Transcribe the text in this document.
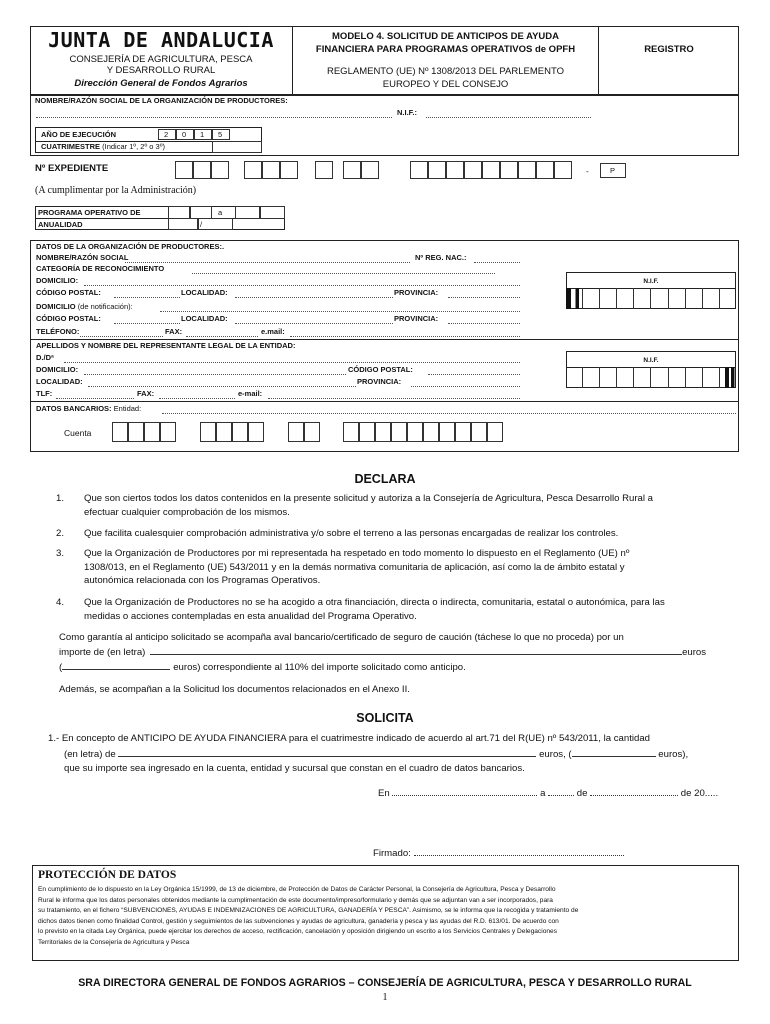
JUNTA DE ANDALUCIA
CONSEJERÍA DE AGRICULTURA, PESCA
Y DESARROLLO RURAL
Dirección General de Fondos Agrarios
MODELO 4. SOLICITUD DE ANTICIPOS DE AYUDA
FINANCIERA PARA PROGRAMAS OPERATIVOS de OPFH
REGLAMENTO (UE) Nº 1308/2013 DEL PARLEMENTO
EUROPEO Y DEL CONSEJO
REGISTRO
NOMBRE/RAZÓN SOCIAL DE LA ORGANIZACIÓN DE PRODUCTORES:
N.I.F.:
AÑO DE EJECUCIÓN	2 0 1 5
CUATRIMESTRE (Indicar 1º, 2º o 3º)
Nº EXPEDIENTE	-	P
(A cumplimentar por la Administración)
PROGRAMA OPERATIVO DE	a
ANUALIDAD	/
DATOS DE LA ORGANIZACIÓN DE PRODUCTORES:.
NOMBRE/RAZÓN SOCIAL	Nº REG. NAC.:
CATEGORÍA DE RECONOCIMIENTO
DOMICILIO:
CÓDIGO POSTAL:	LOCALIDAD:	PROVINCIA:
DOMICILIO (de notificación):
CÓDIGO POSTAL:	LOCALIDAD:	PROVINCIA:
TELÉFONO:	FAX:	e.mail:
N.I.F.
APELLIDOS Y NOMBRE DEL REPRESENTANTE LEGAL DE LA ENTIDAD:
D./Dª
DOMICILIO:	CÓDIGO POSTAL:
LOCALIDAD:	PROVINCIA:
TLF:	FAX:	e-mail:
N.I.F.
DATOS BANCARIOS: Entidad:
Cuenta
DECLARA
1. Que son ciertos todos los datos contenidos en la presente solicitud y autoriza a la Consejería de Agricultura, Pesca Desarrollo Rural a
efectuar cualquier comprobación de los mismos.
2. Que facilita cualesquier comprobación administrativa y/o sobre el terreno a las personas encargadas de realizar los controles.
3. Que la Organización de Productores por mi representada ha respetado en todo momento lo dispuesto en el Reglamento (UE) nº
1308/013, en el Reglamento (UE) 543/2011 y en la demás normativa comunitaria de aplicación, así como la de ámbito estatal y
autonómica relacionada con los Programas Operativos.
4. Que la Organización de Productores no se ha acogido a otra financiación, directa o indirecta, comunitaria, estatal o autonómica, para las
medidas o acciones contempladas en esta anualidad del Programa Operativo.
Como garantía al anticipo solicitado se acompaña aval bancario/certificado de seguro de caución (táchese lo que no proceda) por un
importe de (en letra)	euros
(	euros) correspondiente al 110% del importe solicitado como anticipo.
Además, se acompañan a la Solicitud los documentos relacionados en el Anexo II.
SOLICITA
1.- En concepto de ANTICIPO DE AYUDA FINANCIERA para el cuatrimestre indicado de acuerdo al art.71 del R(UE) nº 543/2011, la cantidad
(en letra) de	euros, (	euros),
que su importe sea ingresado en la cuenta, entidad y sucursal que constan en el cuadro de datos bancarios.
En	a	de	de 20.....
Firmado:
PROTECCIÓN DE DATOS
En cumplimiento de lo dispuesto en la Ley Orgánica 15/1999, de 13 de diciembre, de Protección de Datos de Carácter Personal, la Consejería de Agricultura, Pesca y Desarrollo
Rural le informa que los datos personales obtenidos mediante la cumplimentación de este documento/impreso/formulario y demás que se adjuntan van a ser incorporados, para
su tratamiento, en el fichero “SUBVENCIONES, AYUDAS E INDEMNIZACIONES DE AGRICULTURA, GANADERÍA Y PESCA”. Asimismo, se le informa que la recogida y tratamiento de
dichos datos tienen como finalidad Control, gestión y seguimientos de las subvenciones y ayudas de agricultura, ganadería y pesca y las ayudas del R.D. 613/01. De acuerdo con
lo previsto en la citada Ley Orgánica, puede ejercitar los derechos de acceso, rectificación, cancelación y oposición dirigiendo un escrito a los Servicios Centrales y Delegaciones
Territoriales de la Consejería de Agricultura y Pesca
SRA DIRECTORA GENERAL DE FONDOS AGRARIOS – CONSEJERÍA DE AGRICULTURA, PESCA Y DESARROLLO RURAL
1
